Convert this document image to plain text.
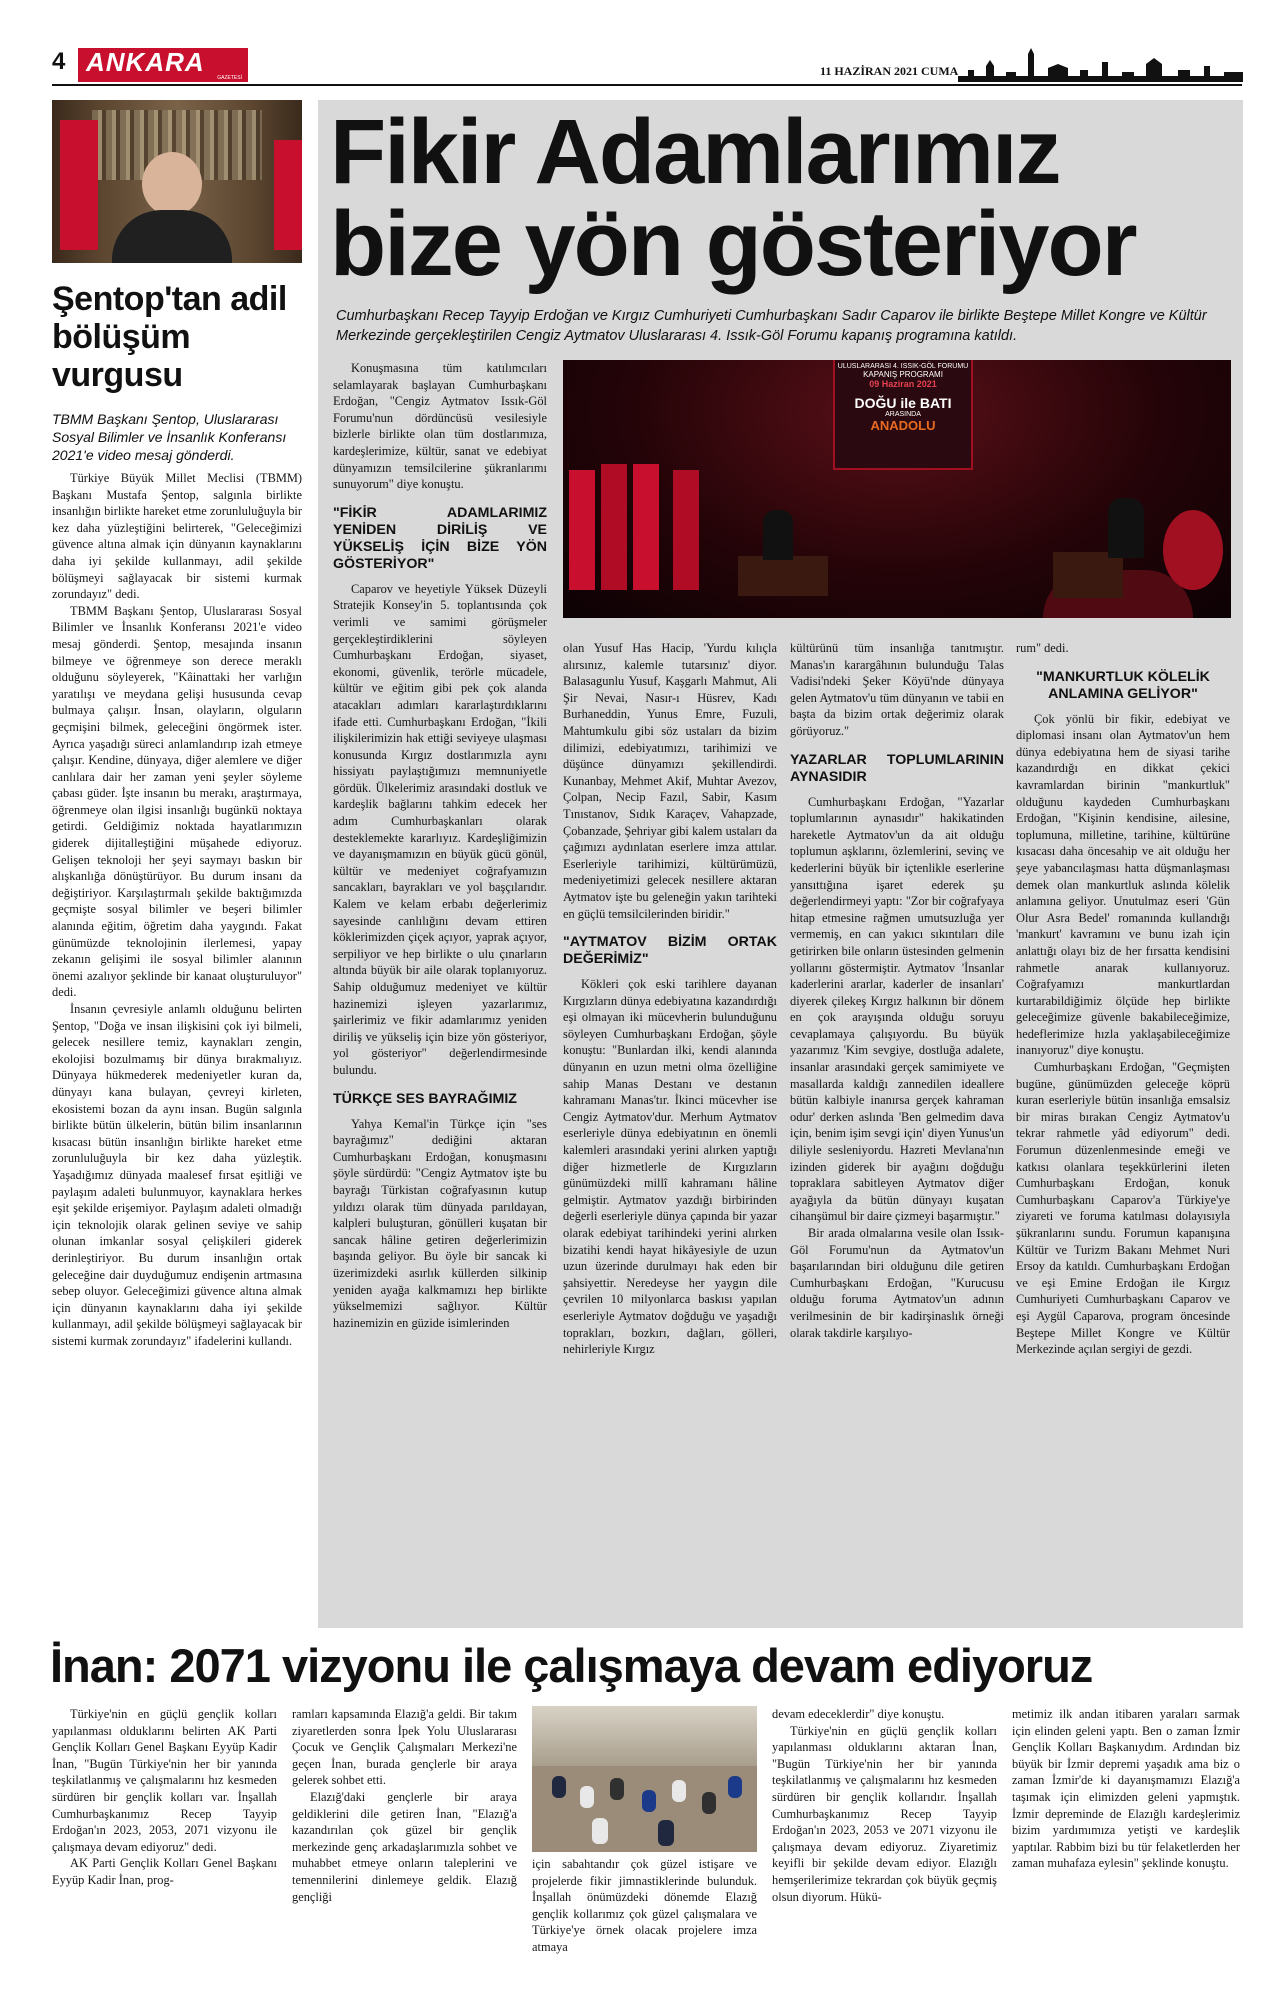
4 ANKARA
GAZETESİ	11 HAZİRAN 2021 CUMA
Şentop'tan adil bölüşüm vurgusu
TBMM Başkanı Şentop, Uluslararası Sosyal Bilimler ve İnsanlık Konferansı 2021'e video mesaj gönderdi.

Türkiye Büyük Millet Meclisi (TBMM) Başkanı Mustafa Şentop, salgınla birlikte insanlığın birlikte hareket etme zorunluluğuyla bir kez daha yüzleştiğini belirterek, "Geleceğimizi güvence altına almak için dünyanın kaynaklarını daha iyi şekilde kullanmayı, adil şekilde bölüşmeyi sağlayacak bir sistemi kurmak zorundayız" dedi.

TBMM Başkanı Şentop, Uluslararası Sosyal Bilimler ve İnsanlık Konferansı 2021'e video mesaj gönderdi. Şentop, mesajında insanın bilmeye ve öğrenmeye son derece meraklı olduğunu söyleyerek, "Kâinattaki her varlığın yaratılışı ve meydana gelişi hususunda cevap bulmaya çalışır. İnsan, olayların, olguların geçmişini bilmek, geleceğini öngörmek ister. Ayrıca yaşadığı süreci anlamlandırıp izah etmeye çalışır. Kendine, dünyaya, diğer alemlere ve diğer canlılara dair her zaman yeni şeyler söyleme çabası güder. İşte insanın bu merakı, araştırmaya, öğrenmeye olan ilgisi insanlığı bugünkü noktaya getirdi. Geldiğimiz noktada hayatlarımızın giderek dijitalleştiğini müşahede ediyoruz. Gelişen teknoloji her şeyi saymayı baskın bir alışkanlığa dönüştürüyor. Bu durum insanı da değiştiriyor. Karşılaştırmalı şekilde baktığımızda geçmişte sosyal bilimler ve beşeri bilimler alanında eğitim, öğretim daha yaygındı. Fakat günümüzde teknolojinin ilerlemesi, yapay zekanın gelişimi ile sosyal bilimler alanının önemi azalıyor şeklinde bir kanaat oluşturuluyor" dedi.

İnsanın çevresiyle anlamlı olduğunu belirten Şentop, "Doğa ve insan ilişkisini çok iyi bilmeli, gelecek nesillere temiz, kaynakları zengin, ekolojisi bozulmamış bir dünya bırakmalıyız. Dünyaya hükmederek medeniyetler kuran da, dünyayı kana bulayan, çevreyi kirleten, ekosistemi bozan da aynı insan. Bugün salgınla birlikte bütün ülkelerin, bütün bilim insanlarının kısacası bütün insanlığın birlikte hareket etme zorunluluğuyla bir kez daha yüzleştik. Yaşadığımız dünyada maalesef fırsat eşitliği ve paylaşım adaleti bulunmuyor, kaynaklara herkes eşit şekilde erişemiyor. Paylaşım adaleti olmadığı için teknolojik olarak gelinen seviye ve sahip olunan imkanlar sosyal çelişkileri giderek derinleştiriyor. Bu durum insanlığın ortak geleceğine dair duyduğumuz endişenin artmasına sebep oluyor. Geleceğimizi güvence altına almak için dünyanın kaynaklarını daha iyi şekilde kullanmayı, adil şekilde bölüşmeyi sağlayacak bir sistemi kurmak zorundayız" ifadelerini kullandı.

Fikir Adamlarımız
bize yön gösteriyor
Cumhurbaşkanı Recep Tayyip Erdoğan ve Kırgız Cumhuriyeti Cumhurbaşkanı Sadır Caparov ile birlikte Beştepe Millet Kongre ve Kültür Merkezinde gerçekleştirilen Cengiz Aytmatov Uluslararası 4. Issık-Göl Forumu kapanış programına katıldı.
ULUSLARARASI 4. ISSIK-GÖL FORUMU
KAPANIŞ PROGRAMI
09 Haziran 2021
DOĞU ile BATI
ARASINDA
ANADOLU

Konuşmasına tüm katılımcıları selamlayarak başlayan Cumhurbaşkanı Erdoğan, "Cengiz Aytmatov Issık-Göl Forumu'nun dördüncüsü vesilesiyle bizlerle birlikte olan tüm dostlarımıza, kardeşlerimize, kültür, sanat ve edebiyat dünyamızın temsilcilerine şükranlarımı sunuyorum" diye konuştu.

"FİKİR ADAMLARIMIZ YENİDEN DİRİLİŞ VE YÜKSELİŞ İÇİN BİZE YÖN GÖSTERİYOR"

Caparov ve heyetiyle Yüksek Düzeyli Stratejik Konsey'in 5. toplantısında çok verimli ve samimi görüşmeler gerçekleştirdiklerini söyleyen Cumhurbaşkanı Erdoğan, siyaset, ekonomi, güvenlik, terörle mücadele, kültür ve eğitim gibi pek çok alanda atacakları adımları kararlaştırdıklarını ifade etti. Cumhurbaşkanı Erdoğan, "İkili ilişkilerimizin hak ettiği seviyeye ulaşması konusunda Kırgız dostlarımızla aynı hissiyatı paylaştığımızı memnuniyetle gördük. Ülkelerimiz arasındaki dostluk ve kardeşlik bağlarını tahkim edecek her adım Cumhurbaşkanları olarak desteklemekte kararlıyız. Kardeşliğimizin ve dayanışmamızın en büyük gücü gönül, kültür ve medeniyet coğrafyamızın sancakları, bayrakları ve yol başçılarıdır. Kalem ve kelam erbabı değerlerimiz sayesinde canlılığını devam ettiren köklerimizden çiçek açıyor, yaprak açıyor, serpiliyor ve hep birlikte o ulu çınarların altında büyük bir aile olarak toplanıyoruz. Sahip olduğumuz medeniyet ve kültür hazinemizi işleyen yazarlarımız, şairlerimiz ve fikir adamlarımız yeniden diriliş ve yükseliş için bize yön gösteriyor, yol gösteriyor" değerlendirmesinde bulundu.

TÜRKÇE SES BAYRAĞIMIZ

Yahya Kemal'in Türkçe için "ses bayrağımız" dediğini aktaran Cumhurbaşkanı Erdoğan, konuşmasını şöyle sürdürdü: "Cengiz Aytmatov işte bu bayrağı Türkistan coğrafyasının kutup yıldızı olarak tüm dünyada parıldayan, kalpleri buluşturan, gönülleri kuşatan bir sancak hâline getiren değerlerimizin başında geliyor. Bu öyle bir sancak ki üzerimizdeki asırlık küllerden silkinip yeniden ayağa kalkmamızı hep birlikte yükselmemizi sağlıyor. Kültür hazinemizin en güzide isimlerinden

olan Yusuf Has Hacip, 'Yurdu kılıçla alırsınız, kalemle tutarsınız' diyor. Balasagunlu Yusuf, Kaşgarlı Mahmut, Ali Şir Nevai, Nasır-ı Hüsrev, Kadı Burhaneddin, Yunus Emre, Fuzuli, Mahtumkulu gibi söz ustaları da bizim dilimizi, edebiyatımızı, tarihimizi ve düşünce dünyamızı şekillendirdi. Kunanbay, Mehmet Akif, Muhtar Avezov, Çolpan, Necip Fazıl, Sabir, Kasım Tınıstanov, Sıdık Karaçev, Vahapzade, Çobanzade, Şehriyar gibi kalem ustaları da çağımızı aydınlatan eserlere imza attılar. Eserleriyle tarihimizi, kültürümüzü, medeniyetimizi gelecek nesillere aktaran Aytmatov işte bu geleneğin yakın tarihteki en güçlü temsilcilerinden biridir."

"AYTMATOV BİZİM ORTAK DEĞERİMİZ"

Kökleri çok eski tarihlere dayanan Kırgızların dünya edebiyatına kazandırdığı eşi olmayan iki mücevherin bulunduğunu söyleyen Cumhurbaşkanı Erdoğan, şöyle konuştu: "Bunlardan ilki, kendi alanında dünyanın en uzun metni olma özelliğine sahip Manas Destanı ve destanın kahramanı Manas'tır. İkinci mücevher ise Cengiz Aytmatov'dur. Merhum Aytmatov eserleriyle dünya edebiyatının en önemli kalemleri arasındaki yerini alırken yaptığı diğer hizmetlerle de Kırgızların günümüzdeki millî kahramanı hâline gelmiştir. Aytmatov yazdığı birbirinden değerli eserleriyle dünya çapında bir yazar olarak edebiyat tarihindeki yerini alırken bizatihi kendi hayat hikâyesiyle de uzun uzun üzerinde durulmayı hak eden bir şahsiyettir. Neredeyse her yaygın dile çevrilen 10 milyonlarca baskısı yapılan eserleriyle Aytmatov doğduğu ve yaşadığı toprakları, bozkırı, dağları, gölleri, nehirleriyle Kırgız

kültürünü tüm insanlığa tanıtmıştır. Manas'ın karargâhının bulunduğu Talas Vadisi'ndeki Şeker Köyü'nde dünyaya gelen Aytmatov'u tüm dünyanın ve tabii en başta da bizim ortak değerimiz olarak görüyoruz."

YAZARLAR TOPLUMLARININ AYNASIDIR

Cumhurbaşkanı Erdoğan, "Yazarlar toplumlarının aynasıdır" hakikatinden hareketle Aytmatov'un da ait olduğu toplumun aşklarını, özlemlerini, sevinç ve kederlerini büyük bir içtenlikle eserlerine yansıttığına işaret ederek şu değerlendirmeyi yaptı: "Zor bir coğrafyaya hitap etmesine rağmen umutsuzluğa yer vermemiş, en can yakıcı sıkıntıları dile getirirken bile onların üstesinden gelmenin yollarını göstermiştir. Aytmatov 'İnsanlar kaderlerini ararlar, kaderler de insanları' diyerek çilekeş Kırgız halkının bir dönem en çok arayışında olduğu soruyu cevaplamaya çalışıyordu. Bu büyük yazarımız 'Kim sevgiye, dostluğa adalete, insanlar arasındaki gerçek samimiyete ve masallarda kaldığı zannedilen ideallere bütün kalbiyle inanırsa gerçek kahraman odur' derken aslında 'Ben gelmedim dava için, benim işim sevgi için' diyen Yunus'un diliyle sesleniyordu. Hazreti Mevlana'nın izinden giderek bir ayağını doğduğu topraklara sabitleyen Aytmatov diğer ayağıyla da bütün dünyayı kuşatan cihanşümul bir daire çizmeyi başarmıştır."

Bir arada olmalarına vesile olan Issık-Göl Forumu'nun da Aytmatov'un başarılarından biri olduğunu dile getiren Cumhurbaşkanı Erdoğan, "Kurucusu olduğu foruma Aytmatov'un adının verilmesinin de bir kadirşinaslık örneği olarak takdirle karşılıyo-

rum" dedi.

"MANKURTLUK KÖLELİK ANLAMINA GELİYOR"

Çok yönlü bir fikir, edebiyat ve diplomasi insanı olan Aytmatov'un hem dünya edebiyatına hem de siyasi tarihe kazandırdığı en dikkat çekici kavramlardan birinin "mankurtluk" olduğunu kaydeden Cumhurbaşkanı Erdoğan, "Kişinin kendisine, ailesine, toplumuna, milletine, tarihine, kültürüne kısacası daha öncesahip ve ait olduğu her şeye yabancılaşması hatta düşmanlaşması demek olan mankurtluk aslında kölelik anlamına geliyor. Unutulmaz eseri 'Gün Olur Asra Bedel' romanında kullandığı 'mankurt' kavramını ve bunu izah için anlattığı olayı biz de her fırsatta kendisini rahmetle anarak kullanıyoruz. Coğrafyamızı mankurtlardan kurtarabildiğimiz ölçüde hep birlikte geleceğimize güvenle bakabileceğimize, hedeflerimize hızla yaklaşabileceğimize inanıyoruz" diye konuştu.

Cumhurbaşkanı Erdoğan, "Geçmişten bugüne, günümüzden geleceğe köprü kuran eserleriyle bütün insanlığa emsalsiz bir miras bırakan Cengiz Aytmatov'u tekrar rahmetle yâd ediyorum" dedi. Forumun düzenlenmesinde emeği ve katkısı olanlara teşekkürlerini ileten Cumhurbaşkanı Erdoğan, konuk Cumhurbaşkanı Caparov'a Türkiye'ye ziyareti ve foruma katılması dolayısıyla şükranlarını sundu. Forumun kapanışına Kültür ve Turizm Bakanı Mehmet Nuri Ersoy da katıldı. Cumhurbaşkanı Erdoğan ve eşi Emine Erdoğan ile Kırgız Cumhuriyeti Cumhurbaşkanı Caparov ve eşi Aygül Caparova, program öncesinde Beştepe Millet Kongre ve Kültür Merkezinde açılan sergiyi de gezdi.

İnan: 2071 vizyonu ile çalışmaya devam ediyoruz

Türkiye'nin en güçlü gençlik kolları yapılanması olduklarını belirten AK Parti Gençlik Kolları Genel Başkanı Eyyüp Kadir İnan, "Bugün Türkiye'nin her bir yanında teşkilatlanmış ve çalışmalarını hız kesmeden sürdüren bir gençlik kolları var. İnşallah Cumhurbaşkanımız Recep Tayyip Erdoğan'ın 2023, 2053, 2071 vizyonu ile çalışmaya devam ediyoruz" dedi.

AK Parti Gençlik Kolları Genel Başkanı Eyyüp Kadir İnan, prog-

ramları kapsamında Elazığ'a geldi. Bir takım ziyaretlerden sonra İpek Yolu Uluslararası Çocuk ve Gençlik Çalışmaları Merkezi'ne geçen İnan, burada gençlerle bir araya gelerek sohbet etti.

Elazığ'daki gençlerle bir araya geldiklerini dile getiren İnan, "Elazığ'a kazandırılan çok güzel bir gençlik merkezinde genç arkadaşlarımızla sohbet ve muhabbet etmeye onların taleplerini ve temennilerini dinlemeye geldik. Elazığ gençliği

için sabahtandır çok güzel istişare ve projelerde fikir jimnastiklerinde bulunduk. İnşallah önümüzdeki dönemde Elazığ gençlik kollarımız çok güzel çalışmalara ve Türkiye'ye örnek olacak projelere imza atmaya

devam edeceklerdir" diye konuştu.

Türkiye'nin en güçlü gençlik kolları yapılanması olduklarını aktaran İnan, "Bugün Türkiye'nin her bir yanında teşkilatlanmış ve çalışmalarını hız kesmeden sürdüren bir gençlik kollarıdır. İnşallah Cumhurbaşkanımız Recep Tayyip Erdoğan'ın 2023, 2053 ve 2071 vizyonu ile çalışmaya devam ediyoruz. Ziyaretimiz keyifli bir şekilde devam ediyor. Elazığlı hemşerilerimize tekrardan çok büyük geçmiş olsun diyorum. Hükü-

metimiz ilk andan itibaren yaraları sarmak için elinden geleni yaptı. Ben o zaman İzmir Gençlik Kolları Başkanıydım. Ardından biz büyük bir İzmir depremi yaşadık ama biz o zaman İzmir'de ki dayanışmamızı Elazığ'a taşımak için elimizden geleni yapmıştık. İzmir depreminde de Elazığlı kardeşlerimiz bizim yardımımıza yetişti ve kardeşlik yaptılar. Rabbim bizi bu tür felaketlerden her zaman muhafaza eylesin" şeklinde konuştu.
